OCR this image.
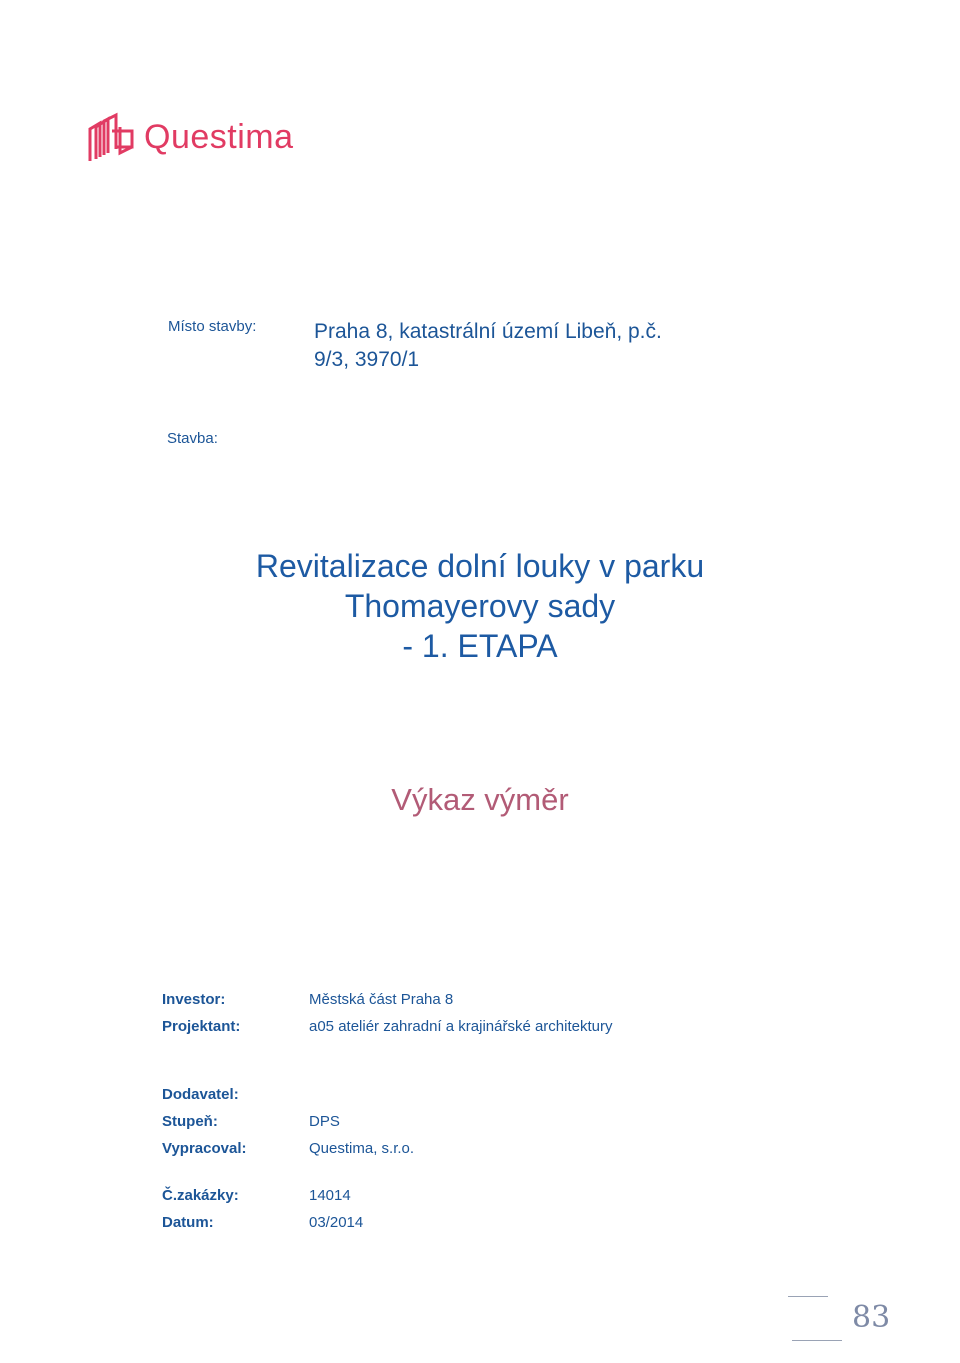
Questima
Místo stavby:	Praha 8, katastrální území Libeň, p.č.
9/3, 3970/1
Stavba:
Revitalizace dolní louky v parku
Thomayerovy sady
- 1. ETAPA
Výkaz výměr
Investor:	Městská část Praha 8
Projektant:	a05 ateliér zahradní a krajinářské architektury
Dodavatel:
Stupeň:	DPS
Vypracoval:	Questima, s.r.o.
Č.zakázky:	14014
Datum:	03/2014
83
